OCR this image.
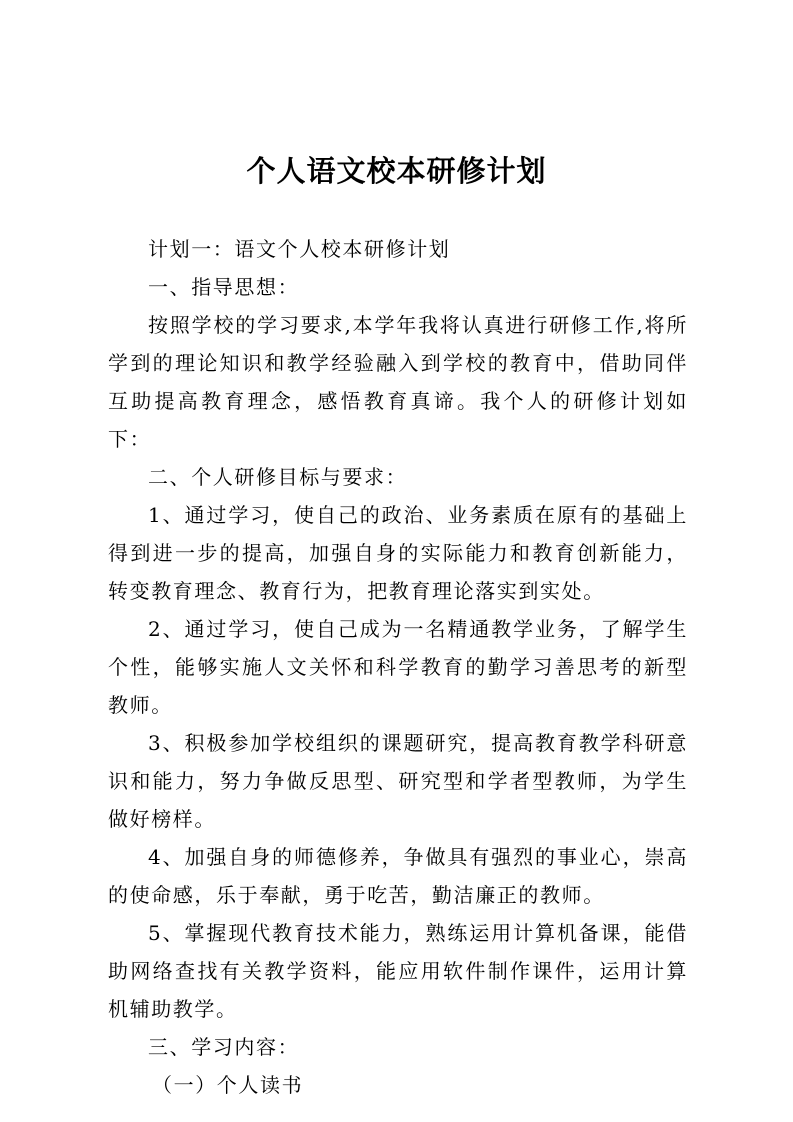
个人语文校本研修计划

计划一：语文个人校本研修计划

一、指导思想：

按照学校的学习要求,本学年我将认真进行研修工作,将所学到的理论知识和教学经验融入到学校的教育中，借助同伴互助提高教育理念，感悟教育真谛。我个人的研修计划如下：

二、个人研修目标与要求：

1、通过学习，使自己的政治、业务素质在原有的基础上得到进一步的提高，加强自身的实际能力和教育创新能力，转变教育理念、教育行为，把教育理论落实到实处。

2、通过学习，使自己成为一名精通教学业务，了解学生个性，能够实施人文关怀和科学教育的勤学习善思考的新型教师。

3、积极参加学校组织的课题研究，提高教育教学科研意识和能力，努力争做反思型、研究型和学者型教师，为学生做好榜样。

4、加强自身的师德修养，争做具有强烈的事业心，崇高的使命感，乐于奉献，勇于吃苦，勤洁廉正的教师。

5、掌握现代教育技术能力，熟练运用计算机备课，能借助网络查找有关教学资料，能应用软件制作课件，运用计算机辅助教学。

三、学习内容：

（一）个人读书
